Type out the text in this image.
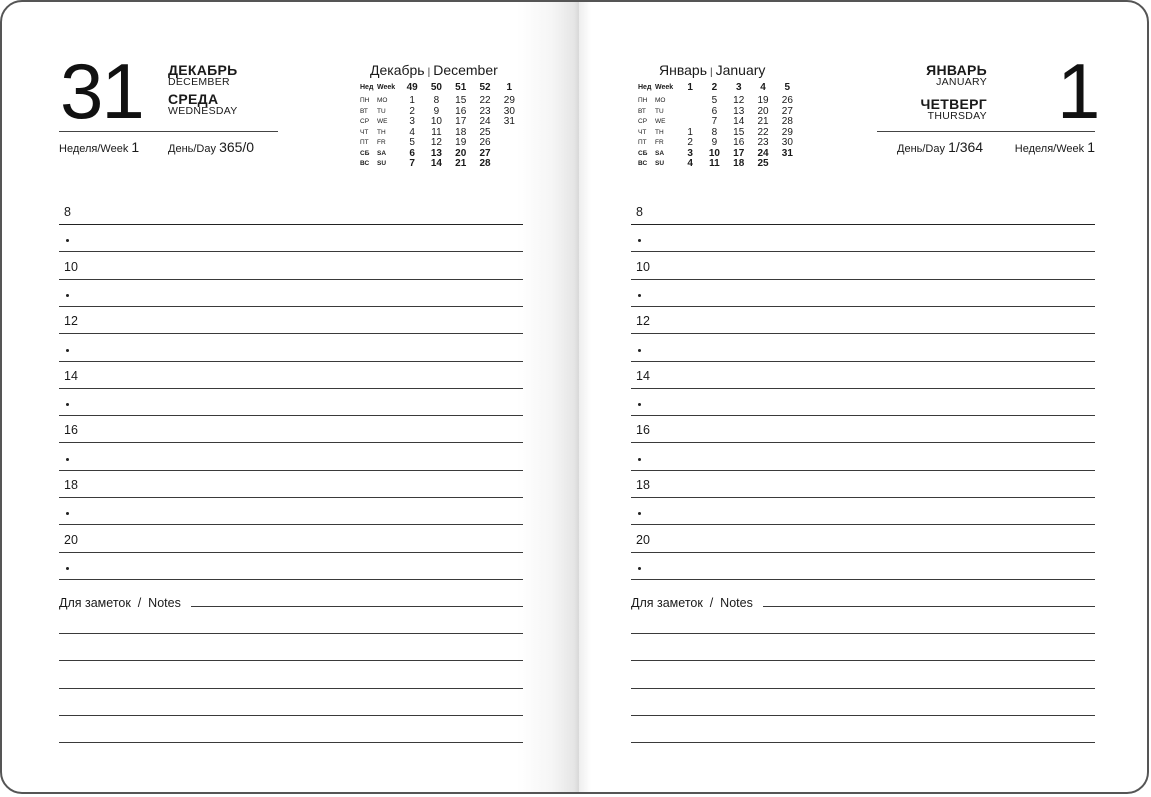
31 ДЕКАБРЬ
DECEMBER
СРЕДА
WEDNESDAY
Неделя/Week 1	День/Day 365/0
Декабрь | December
Нед	Week	49	50	51	52	1
ПН	MO	1	8	15	22	29
ВТ	TU	2	9	16	23	30
СР	WE	3	10	17	24	31
ЧТ	TH	4	11	18	25	
ПТ	FR	5	12	19	26	
СБ	SA	6	13	20	27	
ВС	SU	7	14	21	28	
8
10
12
14
16
18
20
Для заметок  /  Notes
1
ЯНВАРЬ
JANUARY
ЧЕТВЕРГ
THURSDAY
День/Day 1/364	Неделя/Week 1
Январь | January
Нед	Week	1	2	3	4	5
ПН	MO		5	12	19	26
ВТ	TU		6	13	20	27
СР	WE		7	14	21	28
ЧТ	TH	1	8	15	22	29
ПТ	FR	2	9	16	23	30
СБ	SA	3	10	17	24	31
ВС	SU	4	11	18	25	
8
10
12
14
16
18
20
Для заметок  /  Notes
